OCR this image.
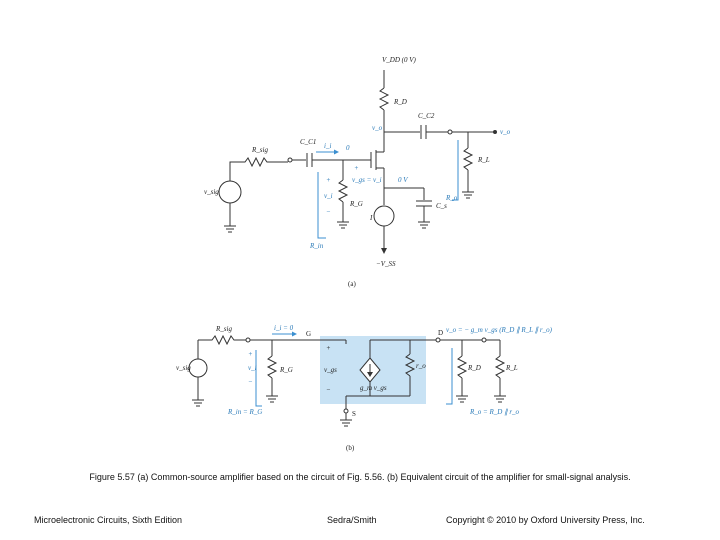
V_DD (0 V)
R_D
C_C2
v_o	v_o
R_sig
C_C1 i_i 0
+
+
v_sig
v_gs = v_i 0 V
v_i
−
R_G
I
C_s
R_o
R_L
R_in
−V_SS
(a)
R_sig	i_i = 0
G	D
S
v_o = − g_m v_gs (R_D ∥ R_L ∥ r_o)
v_sig
+
v_i
−
R_G
+
v_gs
−	g_m v_gs
r_o	R_D	R_L
R_in = R_G	R_o = R_D ∥ r_o
(b)
Figure 5.57 (a) Common-source amplifier based on the circuit of Fig. 5.56. (b) Equivalent circuit of the amplifier for small-signal analysis.
Microelectronic Circuits, Sixth Edition	Sedra/Smith	Copyright © 2010 by Oxford University Press, Inc.
